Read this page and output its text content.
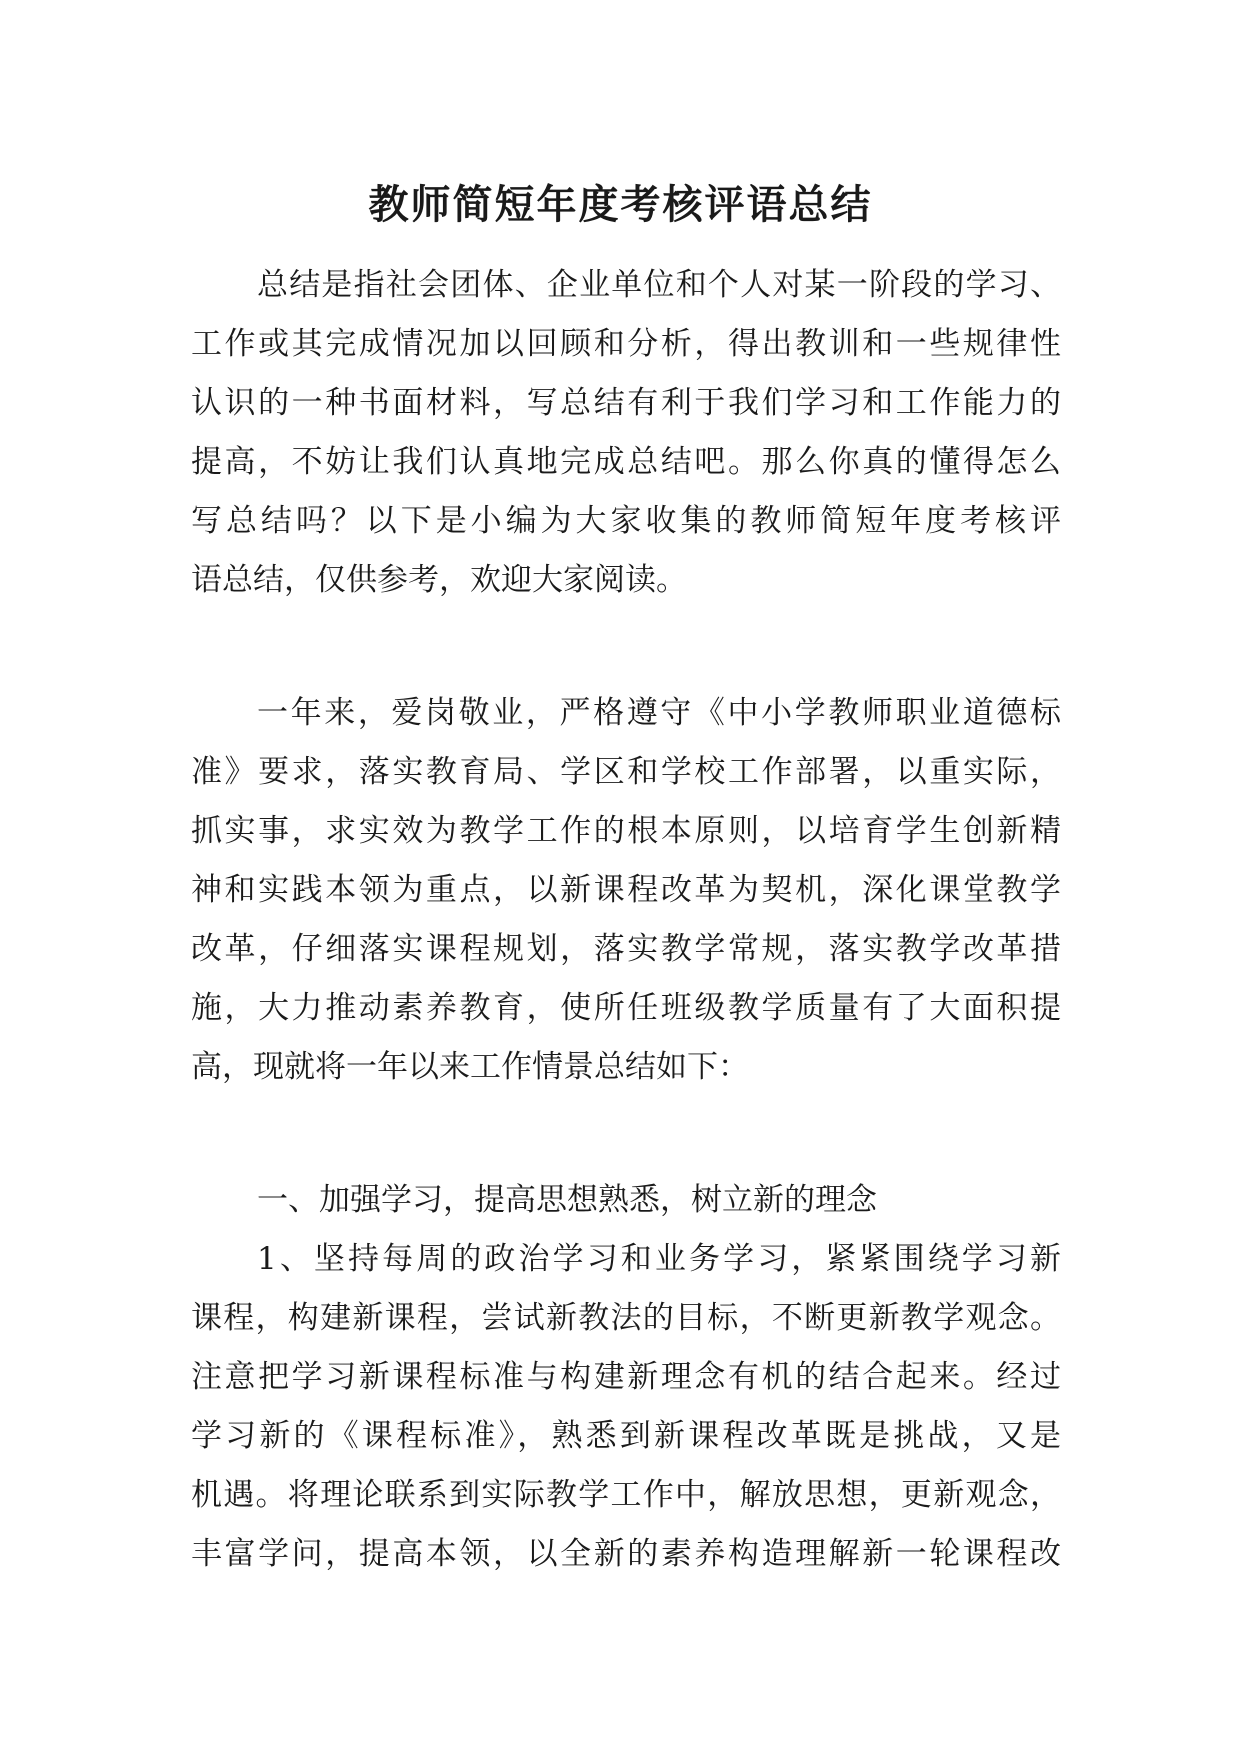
教师简短年度考核评语总结
总结是指社会团体、企业单位和个人对某一阶段的学习、
工作或其完成情况加以回顾和分析，得出教训和一些规律性
认识的一种书面材料，写总结有利于我们学习和工作能力的
提高，不妨让我们认真地完成总结吧。那么你真的懂得怎么
写总结吗？以下是小编为大家收集的教师简短年度考核评
语总结，仅供参考，欢迎大家阅读。
一年来，爱岗敬业，严格遵守《中小学教师职业道德标
准》要求，落实教育局、学区和学校工作部署，以重实际，
抓实事，求实效为教学工作的根本原则，以培育学生创新精
神和实践本领为重点，以新课程改革为契机，深化课堂教学
改革，仔细落实课程规划，落实教学常规，落实教学改革措
施，大力推动素养教育，使所任班级教学质量有了大面积提
高，现就将一年以来工作情景总结如下：
一、加强学习，提高思想熟悉，树立新的理念
1、坚持每周的政治学习和业务学习，紧紧围绕学习新
课程，构建新课程，尝试新教法的目标，不断更新教学观念。
注意把学习新课程标准与构建新理念有机的结合起来。经过
学习新的《课程标准》，熟悉到新课程改革既是挑战，又是
机遇。将理论联系到实际教学工作中，解放思想，更新观念，
丰富学问，提高本领，以全新的素养构造理解新一轮课程改
